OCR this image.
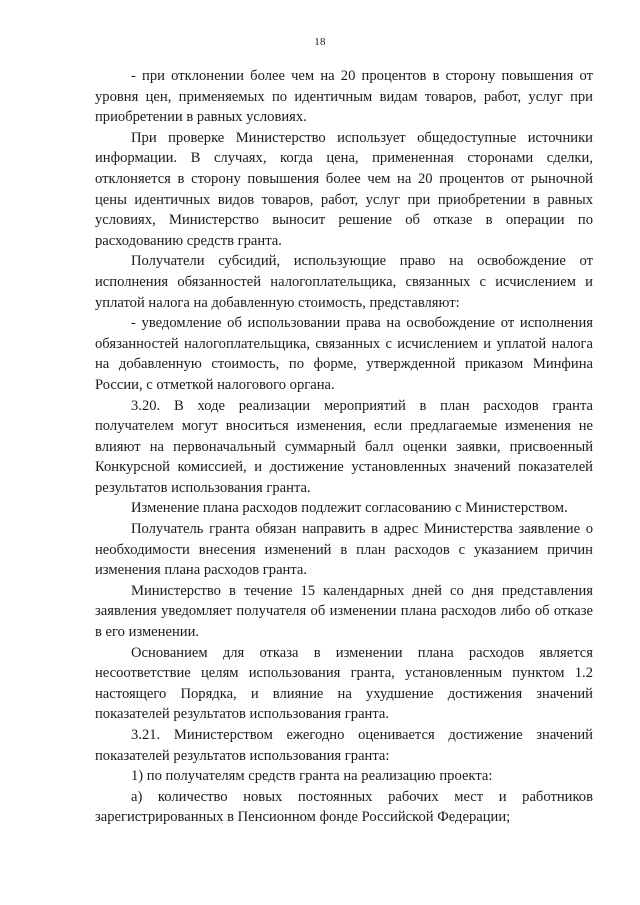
18

- при отклонении более чем на 20 процентов в сторону повышения от уровня цен, применяемых по идентичным видам товаров, работ, услуг при приобретении в равных условиях.

При проверке Министерство использует общедоступные источники информации. В случаях, когда цена, примененная сторонами сделки, отклоняется в сторону повышения более чем на 20 процентов от рыночной цены идентичных видов товаров, работ, услуг при приобретении в равных условиях, Министерство выносит решение об отказе в операции по расходованию средств гранта.

Получатели субсидий, использующие право на освобождение от исполнения обязанностей налогоплательщика, связанных с исчислением и уплатой налога на добавленную стоимость, представляют:

- уведомление об использовании права на освобождение от исполнения обязанностей налогоплательщика, связанных с исчислением и уплатой налога на добавленную стоимость, по форме, утвержденной приказом Минфина России, с отметкой налогового органа.

3.20. В ходе реализации мероприятий в план расходов гранта получателем могут вноситься изменения, если предлагаемые изменения не влияют на первоначальный суммарный балл оценки заявки, присвоенный Конкурсной комиссией, и достижение установленных значений показателей результатов использования гранта.

Изменение плана расходов подлежит согласованию с Министерством.

Получатель гранта обязан направить в адрес Министерства заявление о необходимости внесения изменений в план расходов с указанием причин изменения плана расходов гранта.

Министерство в течение 15 календарных дней со дня представления заявления уведомляет получателя об изменении плана расходов либо об отказе в его изменении.

Основанием для отказа в изменении плана расходов является несоответствие целям использования гранта, установленным пунктом 1.2 настоящего Порядка, и влияние на ухудшение достижения значений показателей результатов использования гранта.

3.21. Министерством ежегодно оценивается достижение значений показателей результатов использования гранта:

1) по получателям средств гранта на реализацию проекта:

а) количество новых постоянных рабочих мест и работников зарегистрированных в Пенсионном фонде Российской Федерации;
